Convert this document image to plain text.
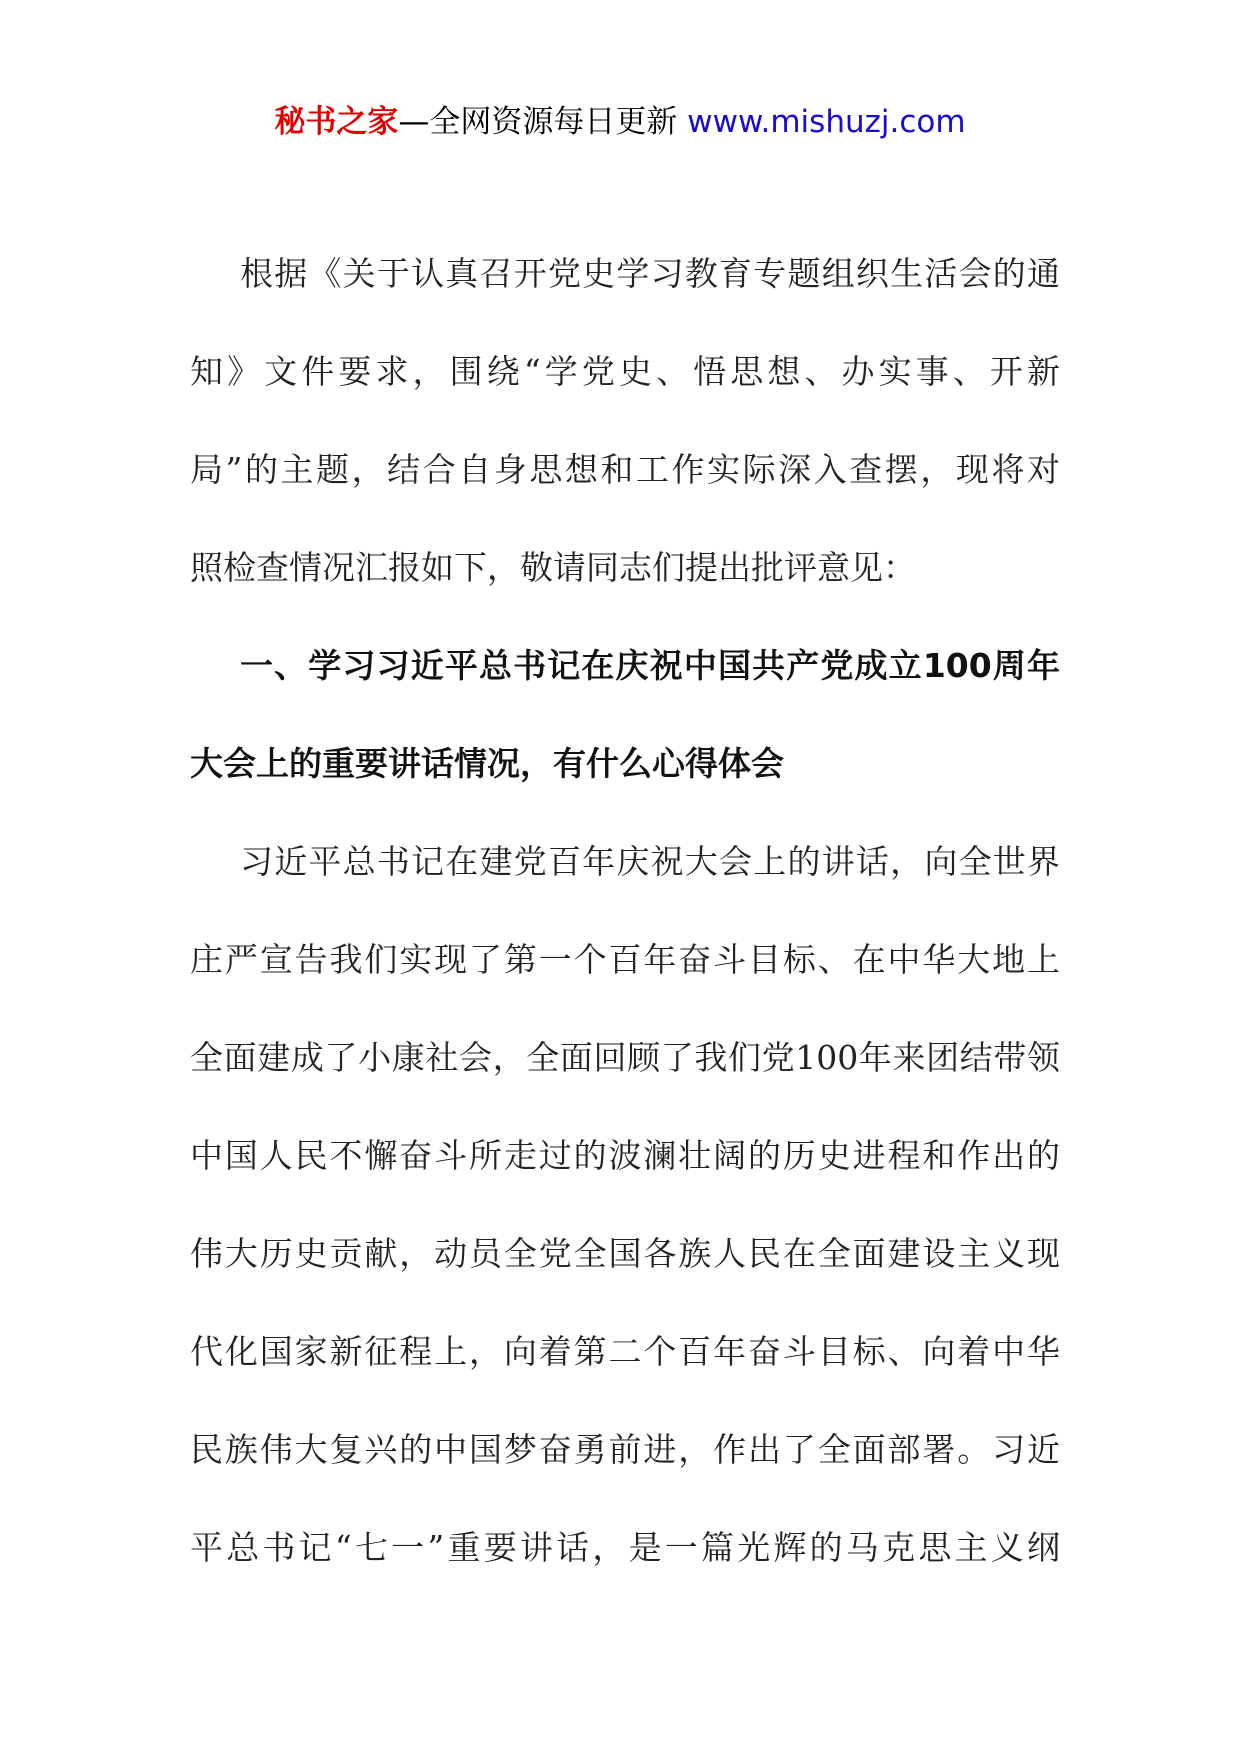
秘书之家—全网资源每日更新 www.mishuzj.com
根据《关于认真召开党史学习教育专题组织生活会的通
知》文件要求，围绕“学党史、悟思想、办实事、开新
局”的主题，结合自身思想和工作实际深入查摆，现将对
照检查情况汇报如下，敬请同志们提出批评意见：
一、学习习近平总书记在庆祝中国共产党成立100周年
大会上的重要讲话情况，有什么心得体会
习近平总书记在建党百年庆祝大会上的讲话，向全世界
庄严宣告我们实现了第一个百年奋斗目标、在中华大地上
全面建成了小康社会，全面回顾了我们党100年来团结带领
中国人民不懈奋斗所走过的波澜壮阔的历史进程和作出的
伟大历史贡献，动员全党全国各族人民在全面建设主义现
代化国家新征程上，向着第二个百年奋斗目标、向着中华
民族伟大复兴的中国梦奋勇前进，作出了全面部署。习近
平总书记“七一”重要讲话，是一篇光辉的马克思主义纲
